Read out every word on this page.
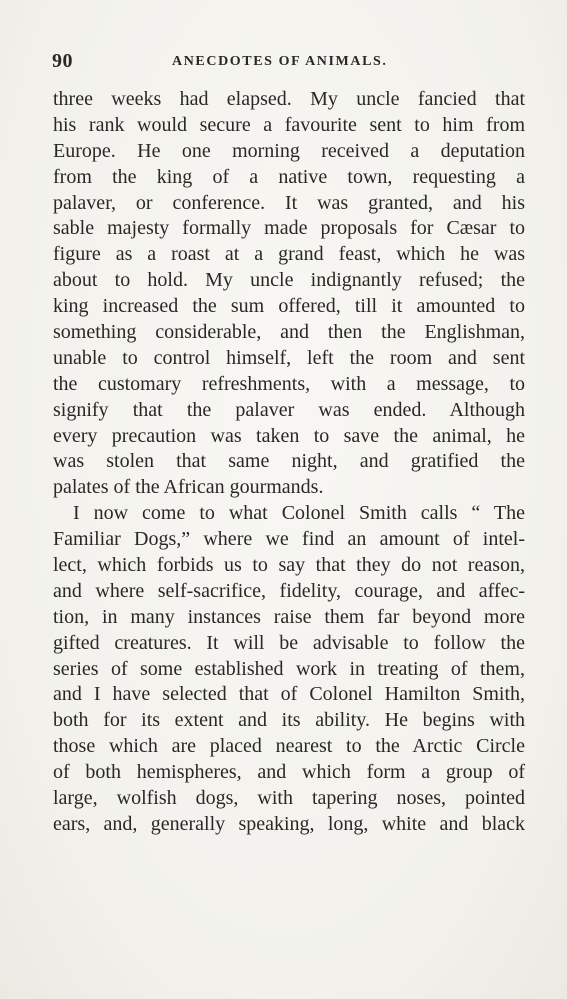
90	ANECDOTES OF ANIMALS.
three weeks had elapsed. My uncle fancied that
his rank would secure a favourite sent to him from
Europe. He one morning received a deputation
from the king of a native town, requesting a
palaver, or conference. It was granted, and his
sable majesty formally made proposals for Cæsar to
figure as a roast at a grand feast, which he was
about to hold. My uncle indignantly refused; the
king increased the sum offered, till it amounted to
something considerable, and then the Englishman,
unable to control himself, left the room and sent
the customary refreshments, with a message, to
signify that the palaver was ended. Although
every precaution was taken to save the animal, he
was stolen that same night, and gratified the
palates of the African gourmands.
I now come to what Colonel Smith calls “ The
Familiar Dogs,” where we find an amount of intel-
lect, which forbids us to say that they do not reason,
and where self-sacrifice, fidelity, courage, and affec-
tion, in many instances raise them far beyond more
gifted creatures. It will be advisable to follow the
series of some established work in treating of them,
and I have selected that of Colonel Hamilton Smith,
both for its extent and its ability. He begins with
those which are placed nearest to the Arctic Circle
of both hemispheres, and which form a group of
large, wolfish dogs, with tapering noses, pointed
ears, and, generally speaking, long, white and black
